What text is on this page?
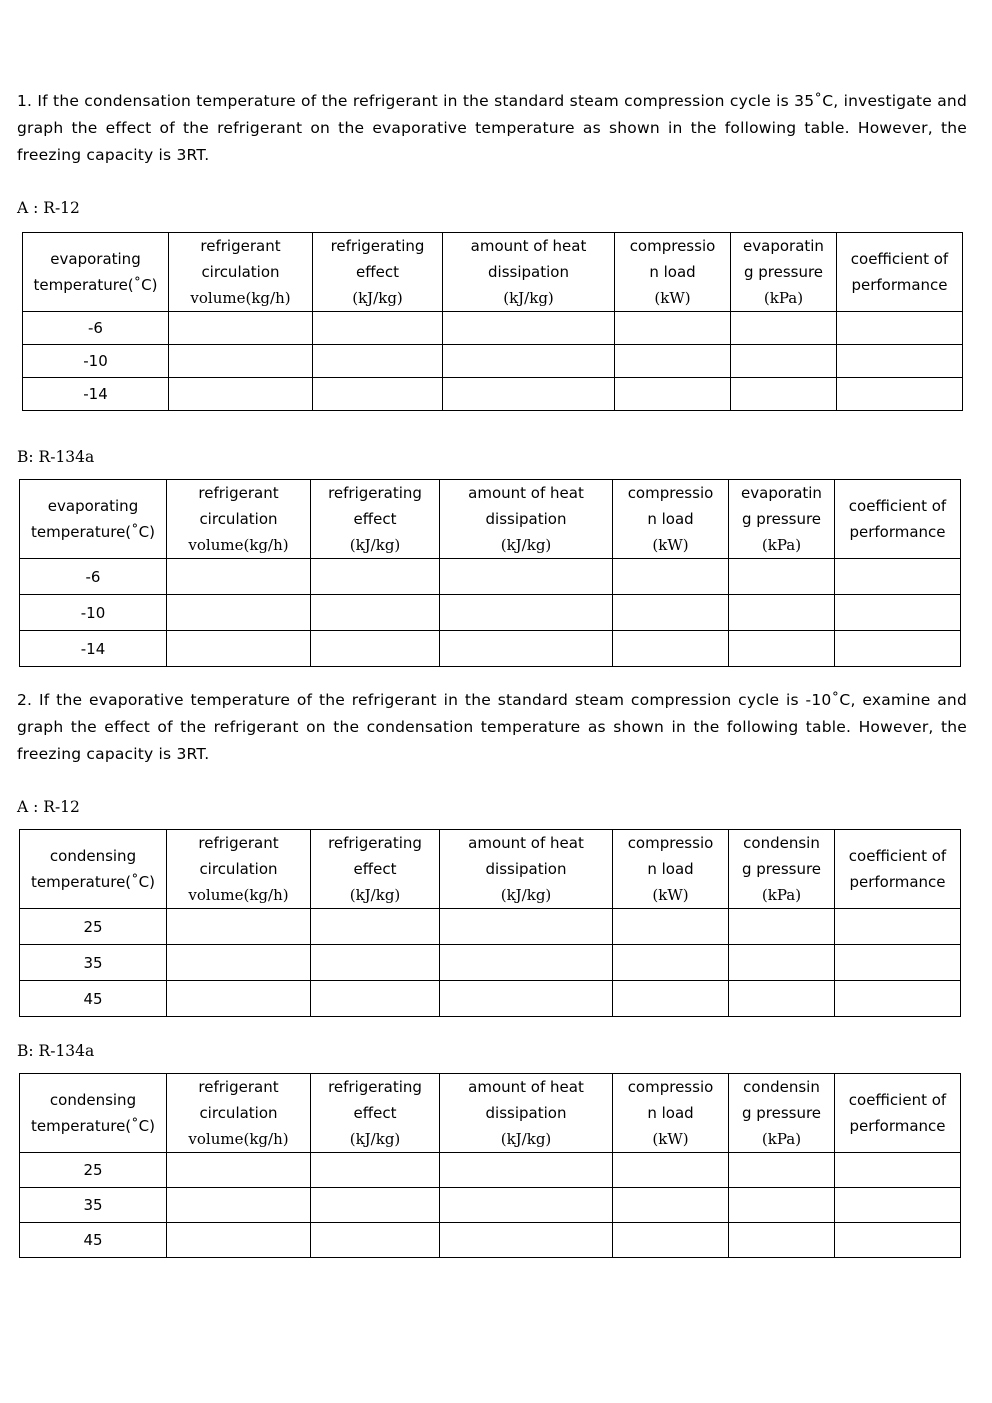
1. If the condensation temperature of the refrigerant in the standard steam compression cycle is 35˚C, investigate and graph the effect of the refrigerant on the evaporative temperature as shown in the following table. However, the freezing capacity is 3RT.
A : R-12
evaporating
temperature(˚C)	refrigerant
circulation
volume(kg/h)	refrigerating
effect
(kJ/kg)	amount of heat
dissipation
(kJ/kg)	compressio
n load
(kW)	evaporatin
g pressure
(kPa)	coefficient of
performance

-6						
-10						
-14						
B: R-134a
evaporating
temperature(˚C)	refrigerant
circulation
volume(kg/h)	refrigerating
effect
(kJ/kg)	amount of heat
dissipation
(kJ/kg)	compressio
n load
(kW)	evaporatin
g pressure
(kPa)	coefficient of
performance

-6						
-10						
-14						
2. If the evaporative temperature of the refrigerant in the standard steam compression cycle is -10˚C, examine and graph the effect of the refrigerant on the condensation temperature as shown in the following table. However, the freezing capacity is 3RT.
A : R-12
condensing
temperature(˚C)	refrigerant
circulation
volume(kg/h)	refrigerating
effect
(kJ/kg)	amount of heat
dissipation
(kJ/kg)	compressio
n load
(kW)	condensin
g pressure
(kPa)	coefficient of
performance

25						
35						
45						
B: R-134a
condensing
temperature(˚C)	refrigerant
circulation
volume(kg/h)	refrigerating
effect
(kJ/kg)	amount of heat
dissipation
(kJ/kg)	compressio
n load
(kW)	condensin
g pressure
(kPa)	coefficient of
performance

25						
35						
45						
